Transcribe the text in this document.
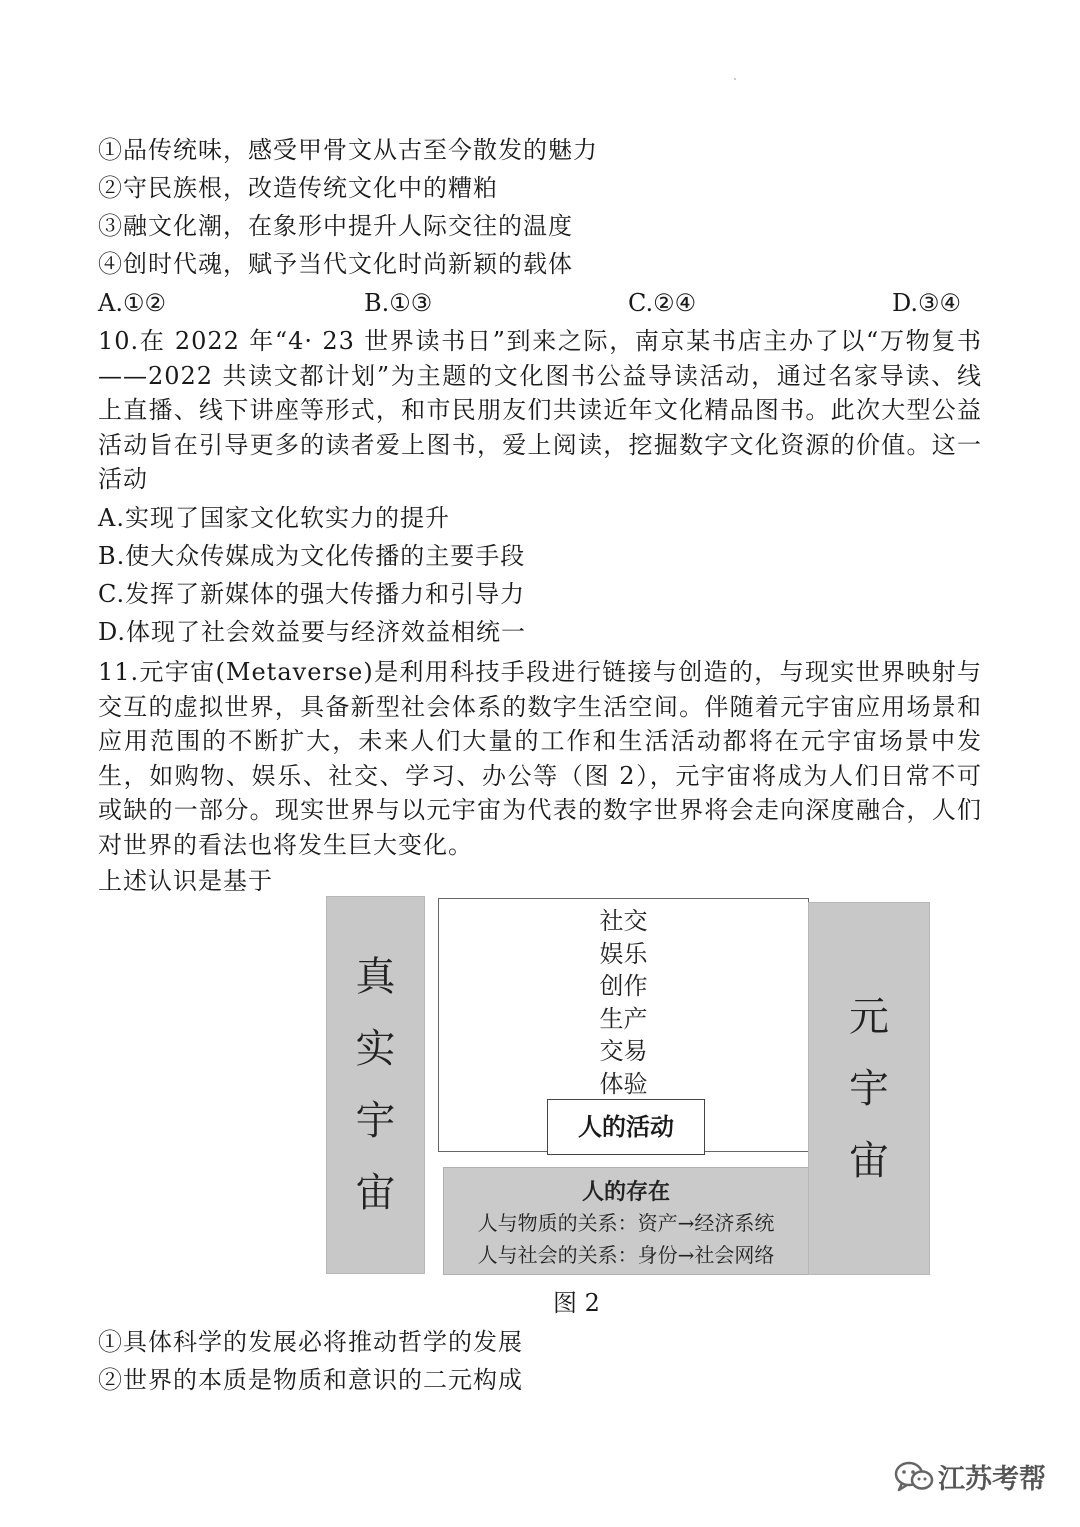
①品传统味，感受甲骨文从古至今散发的魅力
②守民族根，改造传统文化中的糟粕
③融文化潮，在象形中提升人际交往的温度
④创时代魂，赋予当代文化时尚新颖的载体
A.①②	B.①③	C.②④	D.③④
10.在 2022 年“4· 23 世界读书日”到来之际，南京某书店主办了以“万物复书——2022 共读文都计划”为主题的文化图书公益导读活动，通过名家导读、线上直播、线下讲座等形式，和市民朋友们共读近年文化精品图书。此次大型公益活动旨在引导更多的读者爱上图书，爱上阅读，挖掘数字文化资源的价值。这一活动
A.实现了国家文化软实力的提升
B.使大众传媒成为文化传播的主要手段
C.发挥了新媒体的强大传播力和引导力
D.体现了社会效益要与经济效益相统一
11.元宇宙(Metaverse)是利用科技手段进行链接与创造的，与现实世界映射与交互的虚拟世界，具备新型社会体系的数字生活空间。伴随着元宇宙应用场景和应用范围的不断扩大，未来人们大量的工作和生活活动都将在元宇宙场景中发生，如购物、娱乐、社交、学习、办公等（图 2），元宇宙将成为人们日常不可或缺的一部分。现实世界与以元宇宙为代表的数字世界将会走向深度融合，人们对世界的看法也将发生巨大变化。
上述认识是基于
真
实
宇
宙
社交
娱乐
创作
生产
交易
体验
人的活动
人的存在
人与物质的关系：资产→经济系统
人与社会的关系：身份→社会网络
元
宇
宙
图 2
①具体科学的发展必将推动哲学的发展
②世界的本质是物质和意识的二元构成
江苏考帮
